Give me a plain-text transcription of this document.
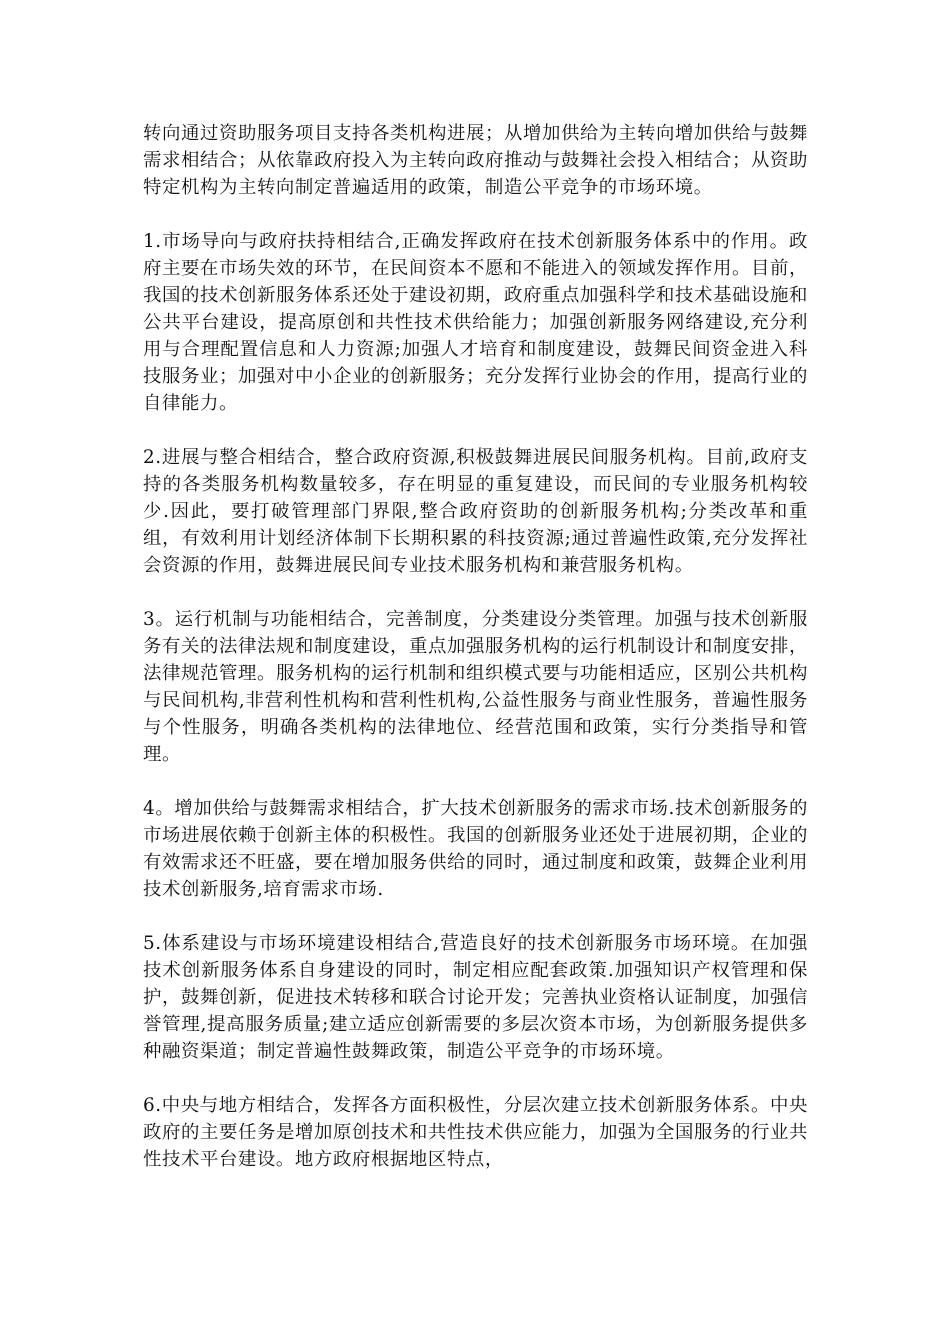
转向通过资助服务项目支持各类机构进展；从增加供给为主转向增加供给与鼓舞需求相结合；从依靠政府投入为主转向政府推动与鼓舞社会投入相结合；从资助特定机构为主转向制定普遍适用的政策，制造公平竞争的市场环境。

1.市场导向与政府扶持相结合,正确发挥政府在技术创新服务体系中的作用。政府主要在市场失效的环节，在民间资本不愿和不能进入的领域发挥作用。目前，我国的技术创新服务体系还处于建设初期，政府重点加强科学和技术基础设施和公共平台建设，提高原创和共性技术供给能力；加强创新服务网络建设,充分利用与合理配置信息和人力资源;加强人才培育和制度建设，鼓舞民间资金进入科技服务业；加强对中小企业的创新服务；充分发挥行业协会的作用，提高行业的自律能力。

2.进展与整合相结合，整合政府资源,积极鼓舞进展民间服务机构。目前,政府支持的各类服务机构数量较多，存在明显的重复建设，而民间的专业服务机构较少.因此，要打破管理部门界限,整合政府资助的创新服务机构;分类改革和重组，有效利用计划经济体制下长期积累的科技资源;通过普遍性政策,充分发挥社会资源的作用，鼓舞进展民间专业技术服务机构和兼营服务机构。

3。运行机制与功能相结合，完善制度，分类建设分类管理。加强与技术创新服务有关的法律法规和制度建设，重点加强服务机构的运行机制设计和制度安排，法律规范管理。服务机构的运行机制和组织模式要与功能相适应，区别公共机构与民间机构,非营利性机构和营利性机构,公益性服务与商业性服务，普遍性服务与个性服务，明确各类机构的法律地位、经营范围和政策，实行分类指导和管理。

4。增加供给与鼓舞需求相结合，扩大技术创新服务的需求市场.技术创新服务的市场进展依赖于创新主体的积极性。我国的创新服务业还处于进展初期，企业的有效需求还不旺盛，要在增加服务供给的同时，通过制度和政策，鼓舞企业利用技术创新服务,培育需求市场.

5.体系建设与市场环境建设相结合,营造良好的技术创新服务市场环境。在加强技术创新服务体系自身建设的同时，制定相应配套政策.加强知识产权管理和保护，鼓舞创新，促进技术转移和联合讨论开发；完善执业资格认证制度，加强信誉管理,提高服务质量;建立适应创新需要的多层次资本市场，为创新服务提供多种融资渠道；制定普遍性鼓舞政策，制造公平竞争的市场环境。

6.中央与地方相结合，发挥各方面积极性，分层次建立技术创新服务体系。中央政府的主要任务是增加原创技术和共性技术供应能力，加强为全国服务的行业共性技术平台建设。地方政府根据地区特点，
